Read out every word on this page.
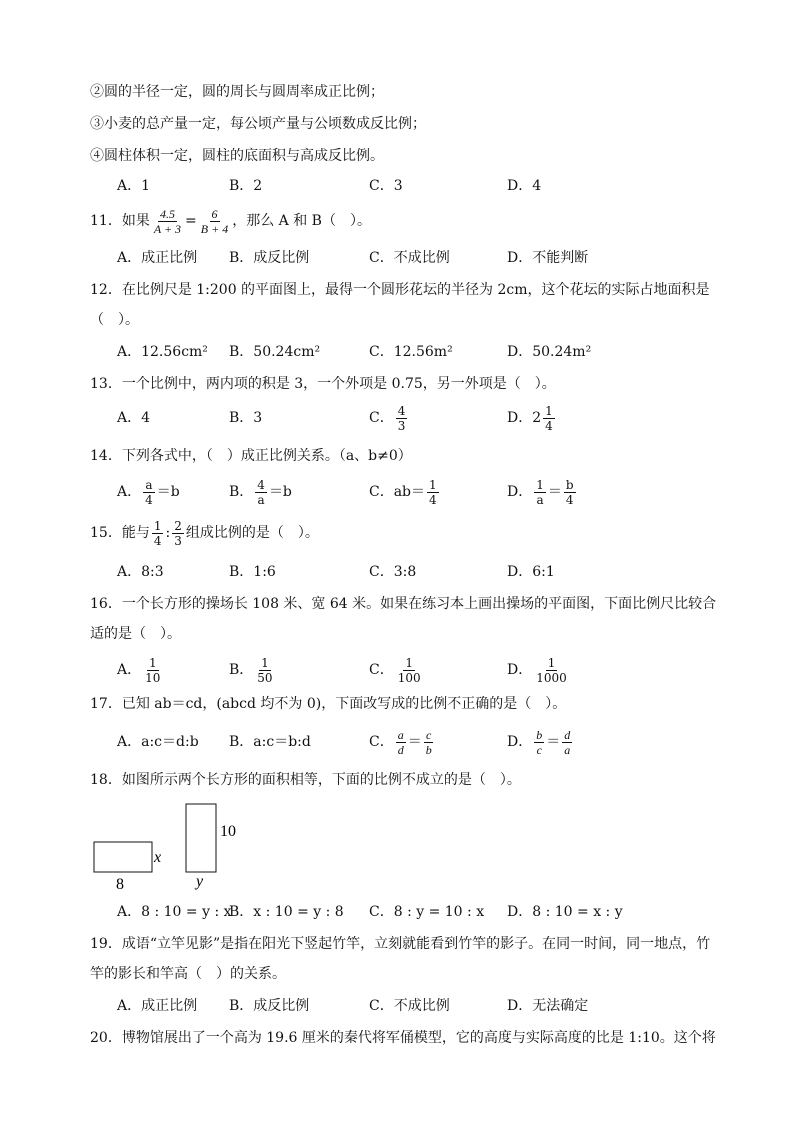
②圆的半径一定，圆的周长与圆周率成正比例；
③小麦的总产量一定，每公顷产量与公顷数成反比例；
④圆柱体积一定，圆柱的底面积与高成反比例。
A．1	B．2	C．3	D．4
11．如果 $\frac{4.5}{A + 3} = \frac{6}{B + 4}$ ，那么 A 和 B（　）。
A．成正比例 B．成反比例	C．不成比例	D．不能判断
12．在比例尺是 1:200 的平面图上，最得一个圆形花坛的半径为 2cm，这个花坛的实际占地面积是
（　）。
A．12.56cm² B．50.24cm²	C．12.56m²	D．50.24m²
13．一个比例中，两内项的积是 3，一个外项是 0.75，另一外项是（　）。
A．4	B．3	C． $\frac{4}{3}$	D． $2 \frac{1}{4}$
14．下列各式中，（　）成正比例关系。（a、b≠0）
A． $\frac{a}{4} =b$	B． $\frac{4}{a} =b$	C．$ab= \frac{1}{4}$	D． $\frac{1}{a} = \frac{b}{4}$
15．能与 $\frac{1}{4}$ : $\frac{2}{3}$ 组成比例的是（　）。
A．8:3	B．1:6	C．3:8	D．6:1
16．一个长方形的操场长 108 米、宽 64 米。如果在练习本上画出操场的平面图，下面比例尺比较合
适的是（　）。
A． $\frac{1}{10}$	B． $\frac{1}{50}$	C． $\frac{1}{100}$	D． $\frac{1}{1000}$
17．已知 ab＝cd，(abcd 均不为 0)，下面改写成的比例不正确的是（　）。
A．a:c＝d:b B．a:c＝b:d	C． $\frac{a}{d} = \frac{c}{b}$	D． $\frac{b}{c} = \frac{d}{a}$
18．如图所示两个长方形的面积相等，下面的比例不成立的是（　）。
8
x
y
10
A．8 : 10 = y : x
B．x : 10 = y : 8 C．8 : y = 10 : x D．8 : 10 = x : y
19．成语“立竿见影”是指在阳光下竖起竹竿，立刻就能看到竹竿的影子。在同一时间，同一地点，竹
竿的影长和竿高（　）的关系。
A．成正比例 B．成反比例	C．不成比例	D．无法确定
20．博物馆展出了一个高为 19.6 厘米的秦代将军俑模型，它的高度与实际高度的比是 1:10。这个将
